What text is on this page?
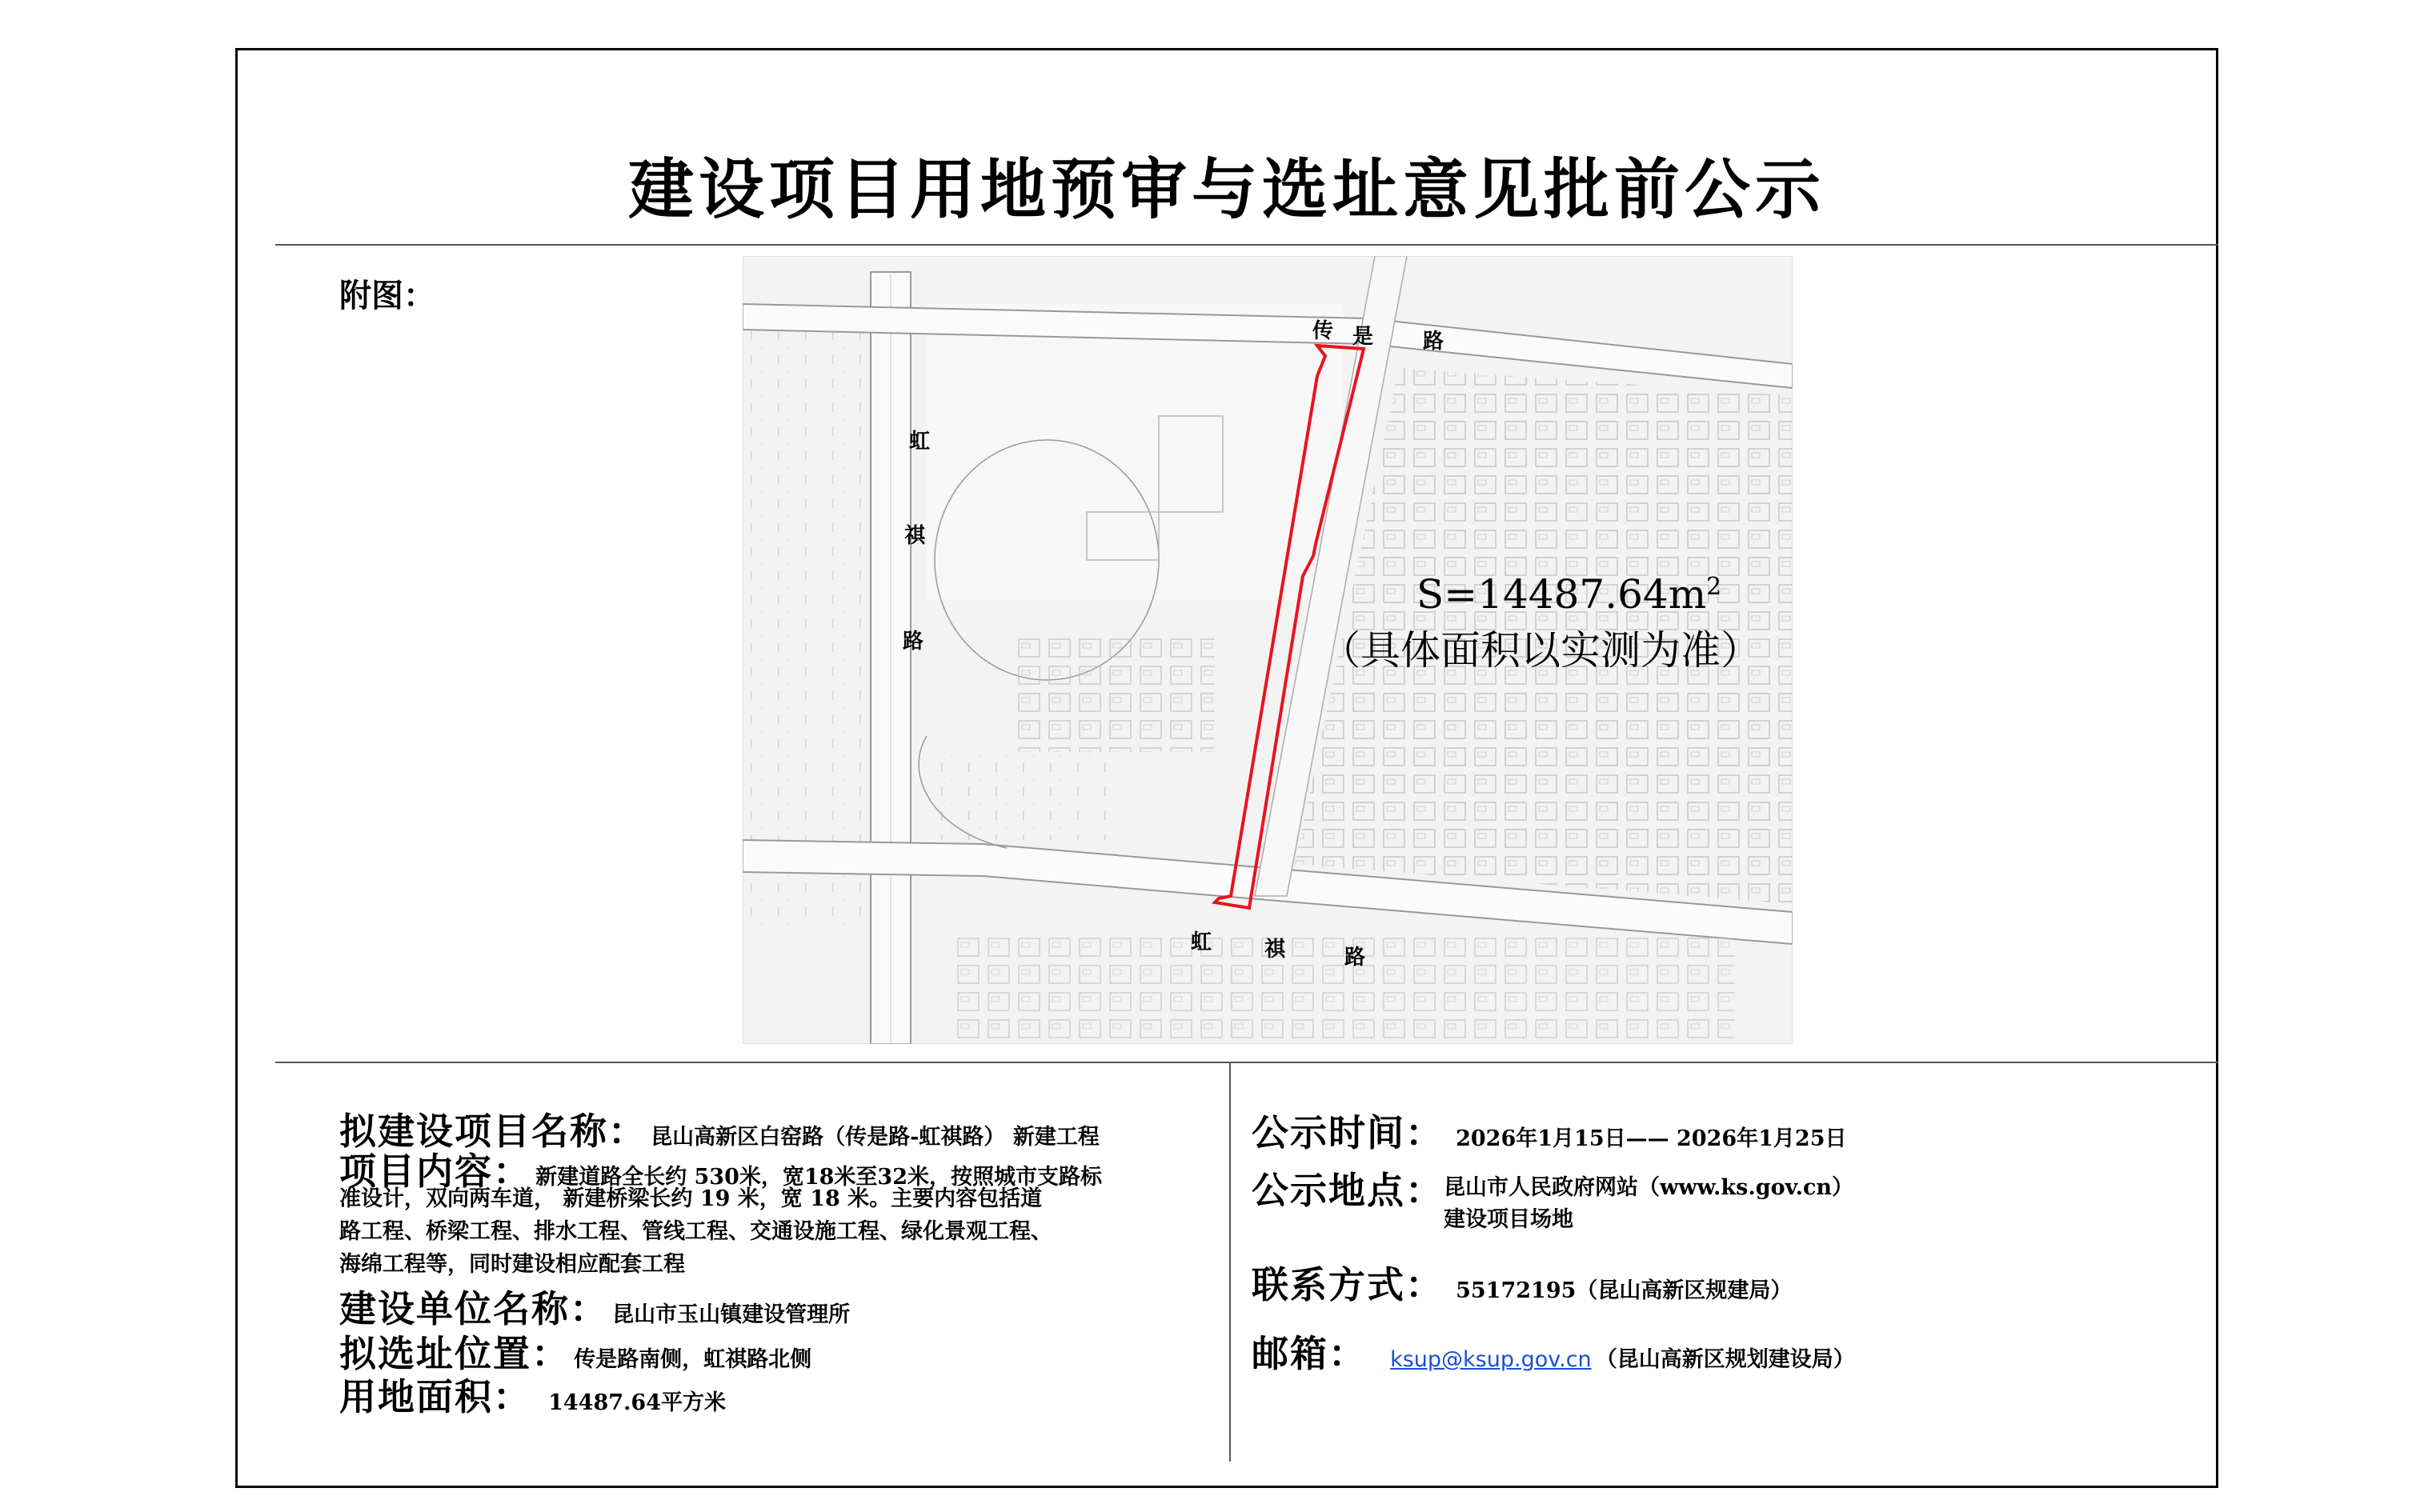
建设项目用地预审与选址意见批前公示
附图：
传 是 路
虹
祺
路
虹	祺	路
$S=14487.64m^2$
（具体面积以实测为准）
拟建设项目名称： 昆山高新区白窑路（传是路-虹祺路） 新建工程
项目内容： 新建道路全长约 530米，宽18米至32米，按照城市支路标
准设计，双向两车道， 新建桥梁长约 19 米，宽 18 米。主要内容包括道
路工程、桥梁工程、排水工程、管线工程、交通设施工程、绿化景观工程、
海绵工程等，同时建设相应配套工程
建设单位名称： 昆山市玉山镇建设管理所
拟选址位置： 传是路南侧，虹祺路北侧
用地面积： 14487.64平方米
公示时间： 2026年1月15日—— 2026年1月25日
公示地点： 昆山市人民政府网站（www.ks.gov.cn）
建设项目场地
联系方式： 55172195（昆山高新区规建局）
邮箱： ksup@ksup.gov.cn （昆山高新区规划建设局）
